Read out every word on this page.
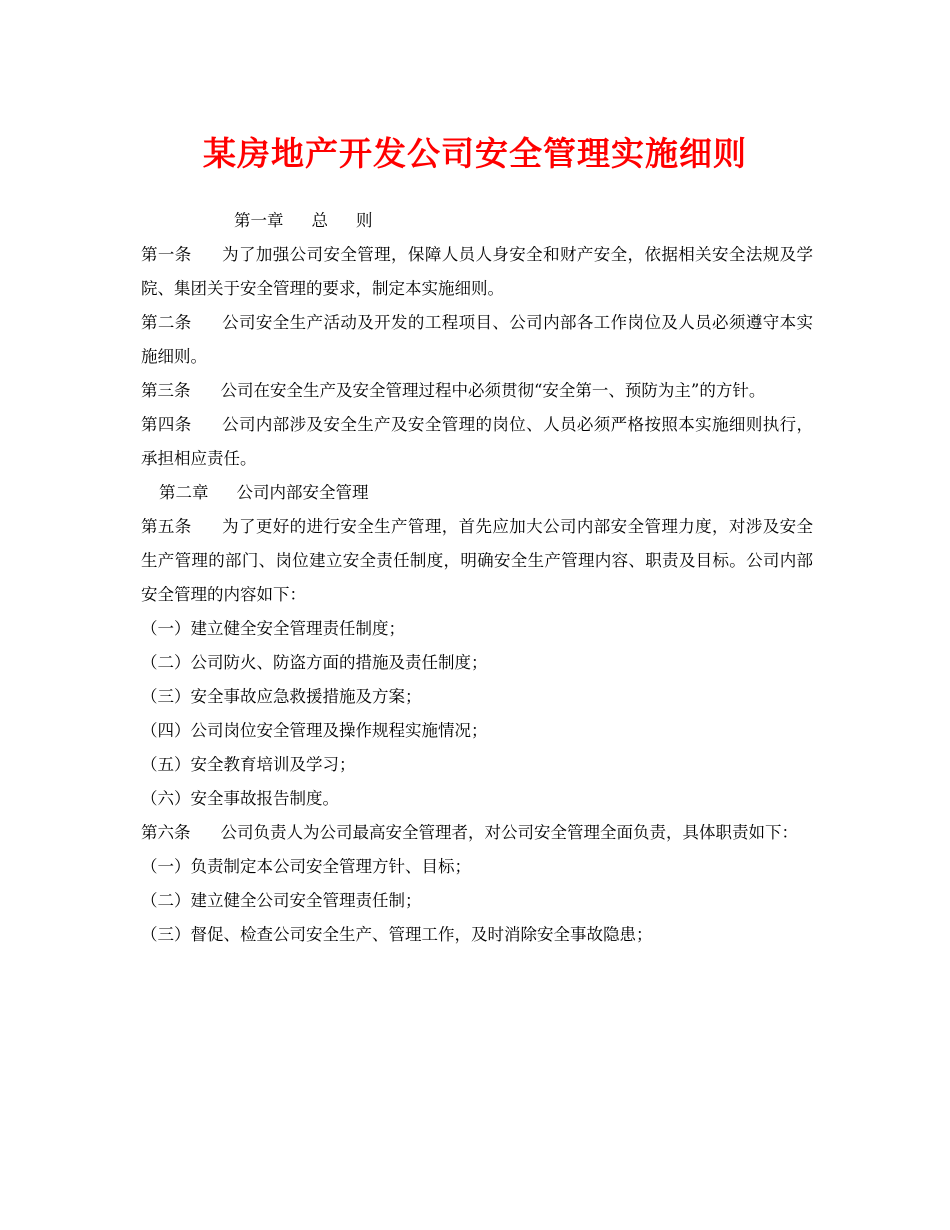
某房地产开发公司安全管理实施细则
第一章 总 则
第一条 为了加强公司安全管理，保障人员人身安全和财产安全，依据相关安全法规及学院、集团关于安全管理的要求，制定本实施细则。
第二条 公司安全生产活动及开发的工程项目、公司内部各工作岗位及人员必须遵守本实施细则。
第三条 公司在安全生产及安全管理过程中必须贯彻“安全第一、预防为主”的方针。
第四条 公司内部涉及安全生产及安全管理的岗位、人员必须严格按照本实施细则执行，承担相应责任。
第二章 公司内部安全管理
第五条 为了更好的进行安全生产管理，首先应加大公司内部安全管理力度，对涉及安全生产管理的部门、岗位建立安全责任制度，明确安全生产管理内容、职责及目标。公司内部安全管理的内容如下：
（一）建立健全安全管理责任制度；
（二）公司防火、防盗方面的措施及责任制度；
（三）安全事故应急救援措施及方案；
（四）公司岗位安全管理及操作规程实施情况；
（五）安全教育培训及学习；
（六）安全事故报告制度。
第六条 公司负责人为公司最高安全管理者，对公司安全管理全面负责，具体职责如下：
（一）负责制定本公司安全管理方针、目标；
（二）建立健全公司安全管理责任制；
（三）督促、检查公司安全生产、管理工作，及时消除安全事故隐患；
